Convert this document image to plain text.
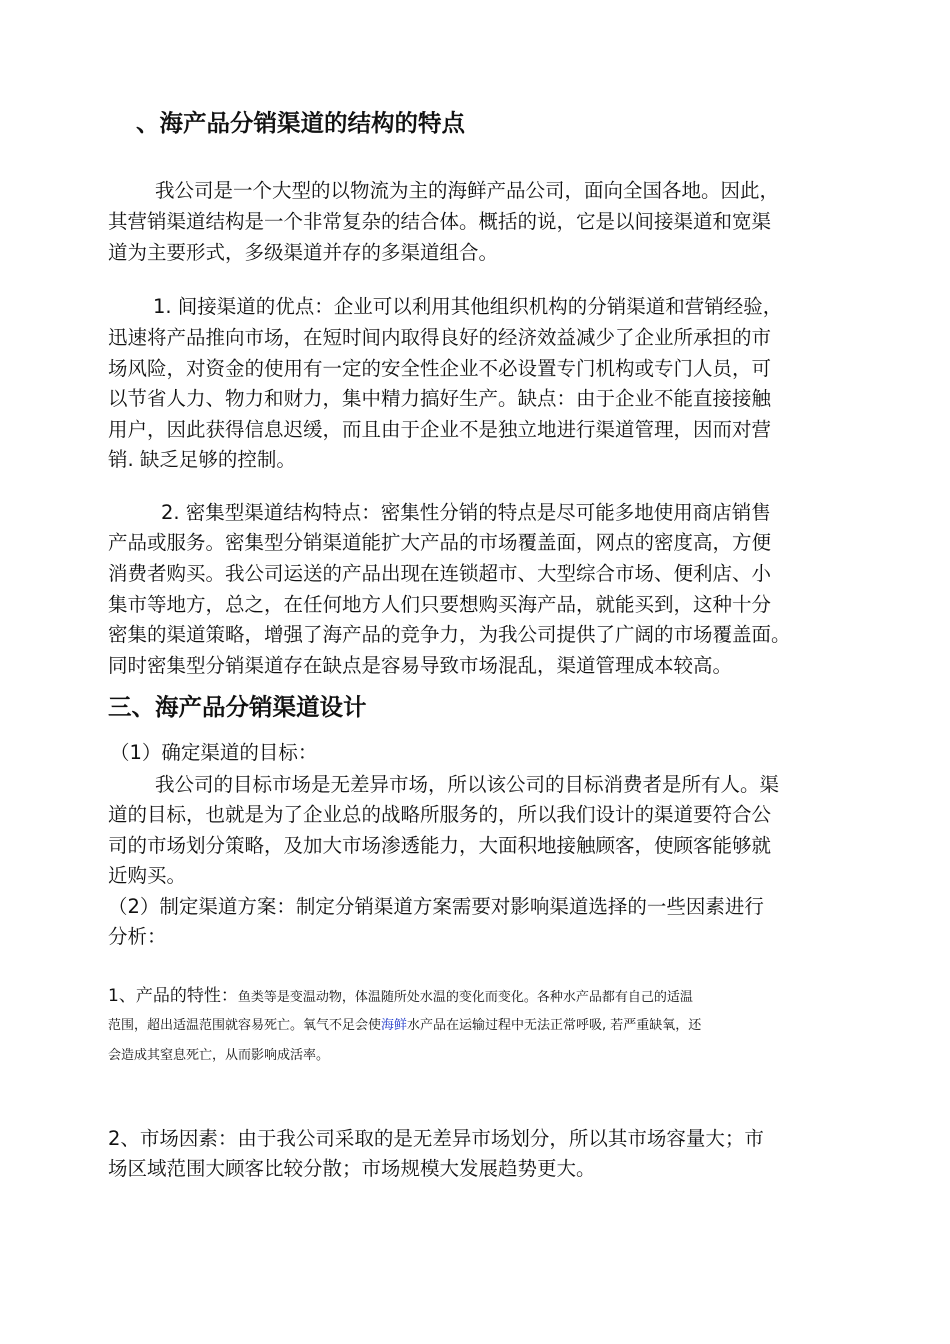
、海产品分销渠道的结构的特点

我公司是一个大型的以物流为主的海鲜产品公司，面向全国各地。因此，

其营销渠道结构是一个非常复杂的结合体。概括的说，它是以间接渠道和宽渠

道为主要形式，多级渠道并存的多渠道组合。

1. 间接渠道的优点：企业可以利用其他组织机构的分销渠道和营销经验，

迅速将产品推向市场，在短时间内取得良好的经济效益减少了企业所承担的市

场风险，对资金的使用有一定的安全性企业不必设置专门机构或专门人员，可

以节省人力、物力和财力，集中精力搞好生产。缺点：由于企业不能直接接触

用户，因此获得信息迟缓，而且由于企业不是独立地进行渠道管理，因而对营

销. 缺乏足够的控制。

2. 密集型渠道结构特点：密集性分销的特点是尽可能多地使用商店销售

产品或服务。密集型分销渠道能扩大产品的市场覆盖面，网点的密度高，方便

消费者购买。我公司运送的产品出现在连锁超市、大型综合市场、便利店、小

集市等地方，总之，在任何地方人们只要想购买海产品，就能买到，这种十分

密集的渠道策略，增强了海产品的竞争力，为我公司提供了广阔的市场覆盖面。

同时密集型分销渠道存在缺点是容易导致市场混乱，渠道管理成本较高。

三、海产品分销渠道设计

（1）确定渠道的目标：

我公司的目标市场是无差异市场，所以该公司的目标消费者是所有人。渠

道的目标，也就是为了企业总的战略所服务的，所以我们设计的渠道要符合公

司的市场划分策略，及加大市场渗透能力，大面积地接触顾客，使顾客能够就

近购买。

（2）制定渠道方案：制定分销渠道方案需要对影响渠道选择的一些因素进行

分析：

1、产品的特性：鱼类等是变温动物，体温随所处水温的变化而变化。各种水产品都有自己的适温

范围，超出适温范围就容易死亡。氧气不足会使海鲜水产品在运输过程中无法正常呼吸, 若严重缺氧，还

会造成其窒息死亡，从而影响成活率。

2、市场因素：由于我公司采取的是无差异市场划分，所以其市场容量大；市

场区域范围大顾客比较分散；市场规模大发展趋势更大。
